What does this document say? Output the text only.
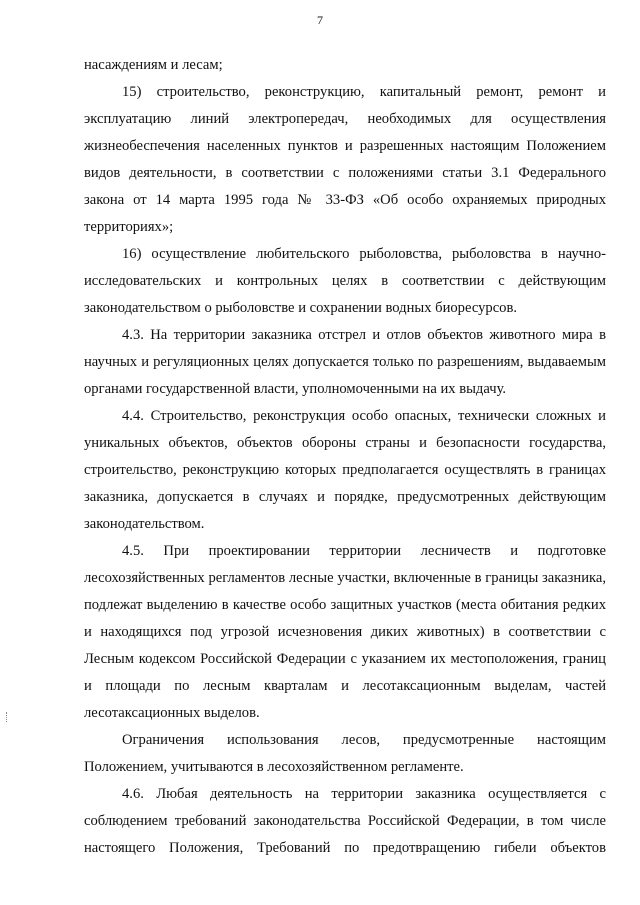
7

насаждениям и лесам;

15) строительство, реконструкцию, капитальный ремонт, ремонт и эксплуатацию линий электропередач, необходимых для осуществления жизнеобеспечения населенных пунктов и разрешенных настоящим Положением видов деятельности, в соответствии с положениями статьи 3.1 Федерального закона от 14 марта 1995 года № 33-ФЗ «Об особо охраняемых природных территориях»;

16) осуществление любительского рыболовства, рыболовства в научно-исследовательских и контрольных целях в соответствии с действующим законодательством о рыболовстве и сохранении водных биоресурсов.

4.3. На территории заказника отстрел и отлов объектов животного мира в научных и регуляционных целях допускается только по разрешениям, выдаваемым органами государственной власти, уполномоченными на их выдачу.

4.4. Строительство, реконструкция особо опасных, технически сложных и уникальных объектов, объектов обороны страны и безопасности государства, строительство, реконструкцию которых предполагается осуществлять в границах заказника, допускается в случаях и порядке, предусмотренных действующим законодательством.

4.5. При проектировании территории лесничеств и подготовке лесохозяйственных регламентов лесные участки, включенные в границы заказника, подлежат выделению в качестве особо защитных участков (места обитания редких и находящихся под угрозой исчезновения диких животных) в соответствии с Лесным кодексом Российской Федерации с указанием их местоположения, границ и площади по лесным кварталам и лесотаксационным выделам, частей лесотаксационных выделов.

Ограничения использования лесов, предусмотренные настоящим Положением, учитываются в лесохозяйственном регламенте.

4.6. Любая деятельность на территории заказника осуществляется с соблюдением требований законодательства Российской Федерации, в том числе настоящего Положения, Требований по предотвращению гибели объектов
